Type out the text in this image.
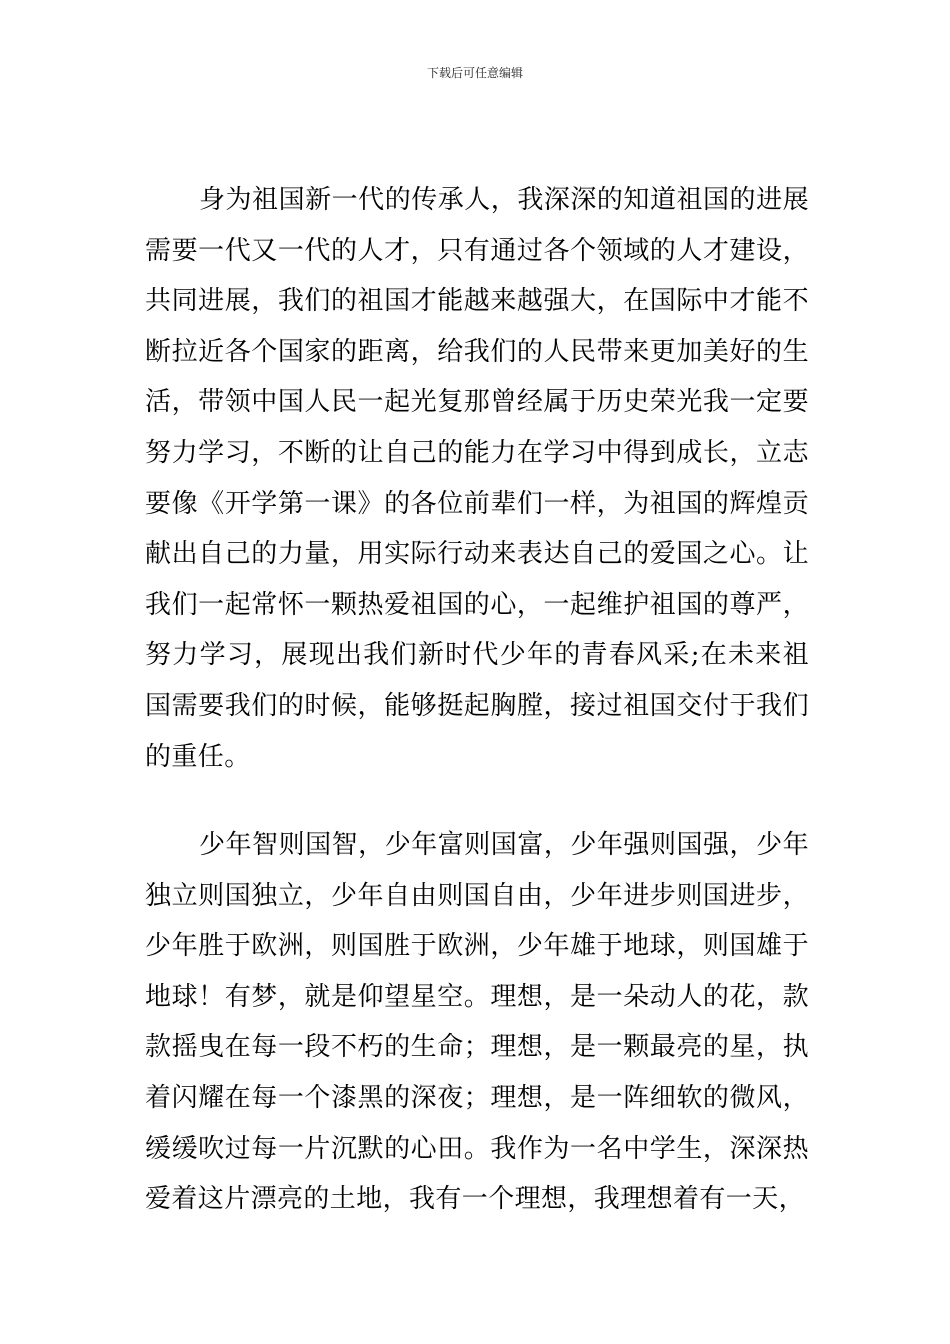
下载后可任意编辑

身为祖国新一代的传承人，我深深的知道祖国的进展需要一代又一代的人才，只有通过各个领域的人才建设，共同进展，我们的祖国才能越来越强大，在国际中才能不断拉近各个国家的距离，给我们的人民带来更加美好的生活，带领中国人民一起光复那曾经属于历史荣光我一定要努力学习，不断的让自己的能力在学习中得到成长，立志要像《开学第一课》的各位前辈们一样，为祖国的辉煌贡献出自己的力量，用实际行动来表达自己的爱国之心。让我们一起常怀一颗热爱祖国的心，一起维护祖国的尊严，努力学习，展现出我们新时代少年的青春风采;在未来祖国需要我们的时候，能够挺起胸膛，接过祖国交付于我们的重任。

少年智则国智，少年富则国富，少年强则国强，少年独立则国独立，少年自由则国自由，少年进步则国进步，少年胜于欧洲，则国胜于欧洲，少年雄于地球，则国雄于地球！有梦，就是仰望星空。理想，是一朵动人的花，款款摇曳在每一段不朽的生命；理想，是一颗最亮的星，执着闪耀在每一个漆黑的深夜；理想，是一阵细软的微风，缓缓吹过每一片沉默的心田。我作为一名中学生，深深热爱着这片漂亮的土地，我有一个理想，我理想着有一天，
